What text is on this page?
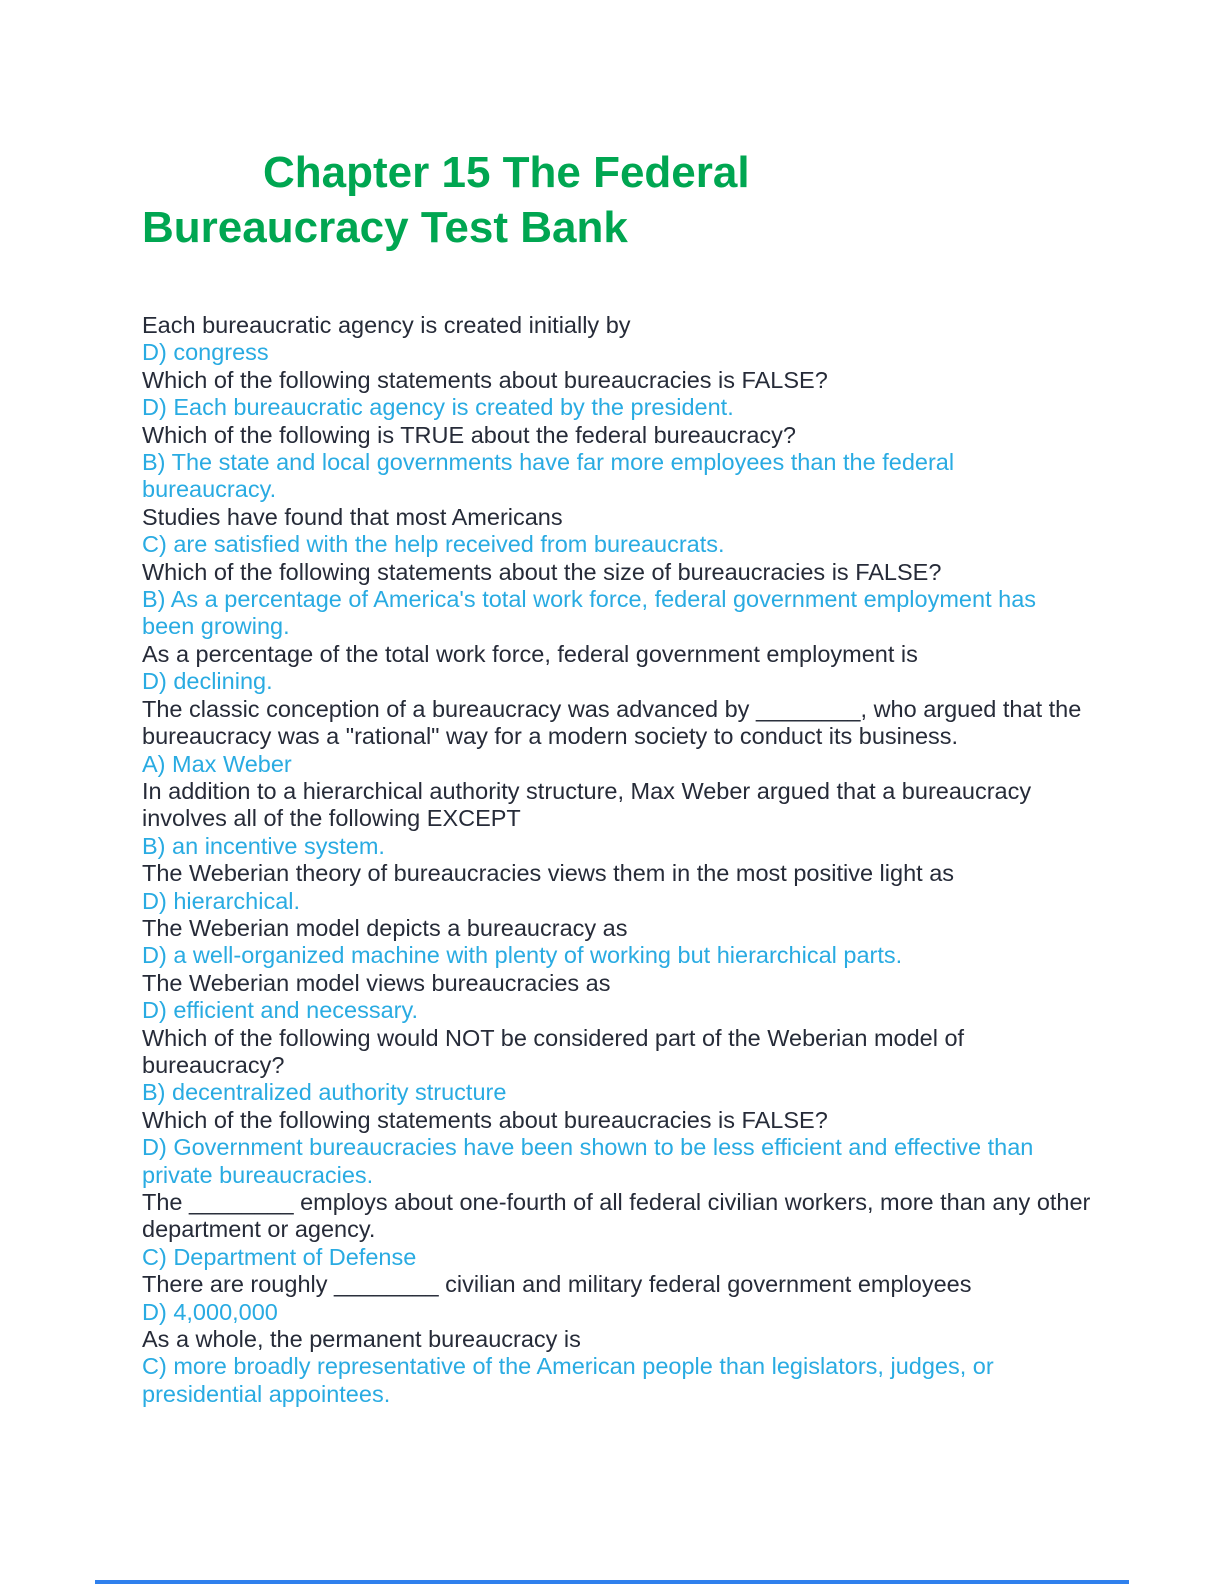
Chapter 15 The Federal
Bureaucracy Test Bank

Each bureaucratic agency is created initially by

D) congress

Which of the following statements about bureaucracies is FALSE?

D) Each bureaucratic agency is created by the president.

Which of the following is TRUE about the federal bureaucracy?

B) The state and local governments have far more employees than the federal bureaucracy.

Studies have found that most Americans

C) are satisfied with the help received from bureaucrats.

Which of the following statements about the size of bureaucracies is FALSE?

B) As a percentage of America's total work force, federal government employment has been growing.

As a percentage of the total work force, federal government employment is

D) declining.

The classic conception of a bureaucracy was advanced by ________, who argued that the bureaucracy was a "rational" way for a modern society to conduct its business.

A) Max Weber

In addition to a hierarchical authority structure, Max Weber argued that a bureaucracy involves all of the following EXCEPT

B) an incentive system.

The Weberian theory of bureaucracies views them in the most positive light as

D) hierarchical.

The Weberian model depicts a bureaucracy as

D) a well-organized machine with plenty of working but hierarchical parts.

The Weberian model views bureaucracies as

D) efficient and necessary.

Which of the following would NOT be considered part of the Weberian model of bureaucracy?

B) decentralized authority structure

Which of the following statements about bureaucracies is FALSE?

D) Government bureaucracies have been shown to be less efficient and effective than private bureaucracies.

The ________ employs about one-fourth of all federal civilian workers, more than any other department or agency.

C) Department of Defense

There are roughly ________ civilian and military federal government employees

D) 4,000,000

As a whole, the permanent bureaucracy is

C) more broadly representative of the American people than legislators, judges, or presidential appointees.
